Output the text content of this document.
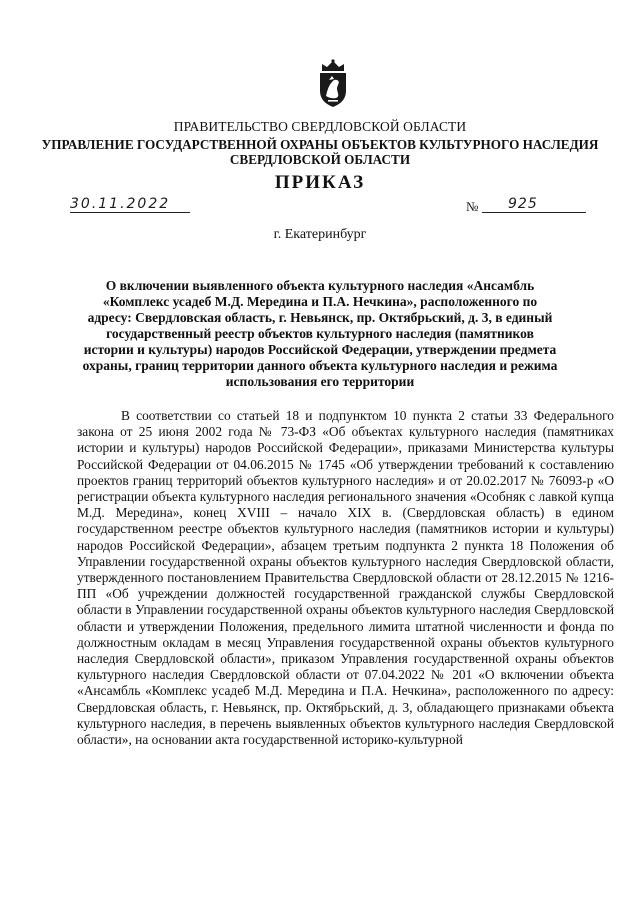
ПРАВИТЕЛЬСТВО СВЕРДЛОВСКОЙ ОБЛАСТИ
УПРАВЛЕНИЕ ГОСУДАРСТВЕННОЙ ОХРАНЫ ОБЪЕКТОВ КУЛЬТУРНОГО НАСЛЕДИЯ СВЕРДЛОВСКОЙ ОБЛАСТИ
ПРИКАЗ
30.11.2022	№	925
г. Екатеринбург
О включении выявленного объекта культурного наследия «Ансамбль «Комплекс усадеб М.Д. Мередина и П.А. Нечкина», расположенного по адресу: Свердловская область, г. Невьянск, пр. Октябрьский, д. 3, в единый государственный реестр объектов культурного наследия (памятников истории и культуры) народов Российской Федерации, утверждении предмета охраны, границ территории данного объекта культурного наследия и режима использования его территории

В соответствии со статьей 18 и подпунктом 10 пункта 2 статьи 33 Федерального закона от 25 июня 2002 года № 73-ФЗ «Об объектах культурного наследия (памятниках истории и культуры) народов Российской Федерации», приказами Министерства культуры Российской Федерации от 04.06.2015 № 1745 «Об утверждении требований к составлению проектов границ территорий объектов культурного наследия» и от 20.02.2017 № 76093-р «О регистрации объекта культурного наследия регионального значения «Особняк с лавкой купца М.Д. Мередина», конец XVIII – начало XIX в. (Свердловская область) в едином государственном реестре объектов культурного наследия (памятников истории и культуры) народов Российской Федерации», абзацем третьим подпункта 2 пункта 18 Положения об Управлении государственной охраны объектов культурного наследия Свердловской области, утвержденного постановлением Правительства Свердловской области от 28.12.2015 № 1216-ПП «Об учреждении должностей государственной гражданской службы Свердловской области в Управлении государственной охраны объектов культурного наследия Свердловской области и утверждении Положения, предельного лимита штатной численности и фонда по должностным окладам в месяц Управления государственной охраны объектов культурного наследия Свердловской области», приказом Управления государственной охраны объектов культурного наследия Свердловской области от 07.04.2022 № 201 «О включении объекта «Ансамбль «Комплекс усадеб М.Д. Мередина и П.А. Нечкина», расположенного по адресу: Свердловская область, г. Невьянск, пр. Октябрьский, д. 3, обладающего признаками объекта культурного наследия, в перечень выявленных объектов культурного наследия Свердловской области», на основании акта государственной историко-культурной
